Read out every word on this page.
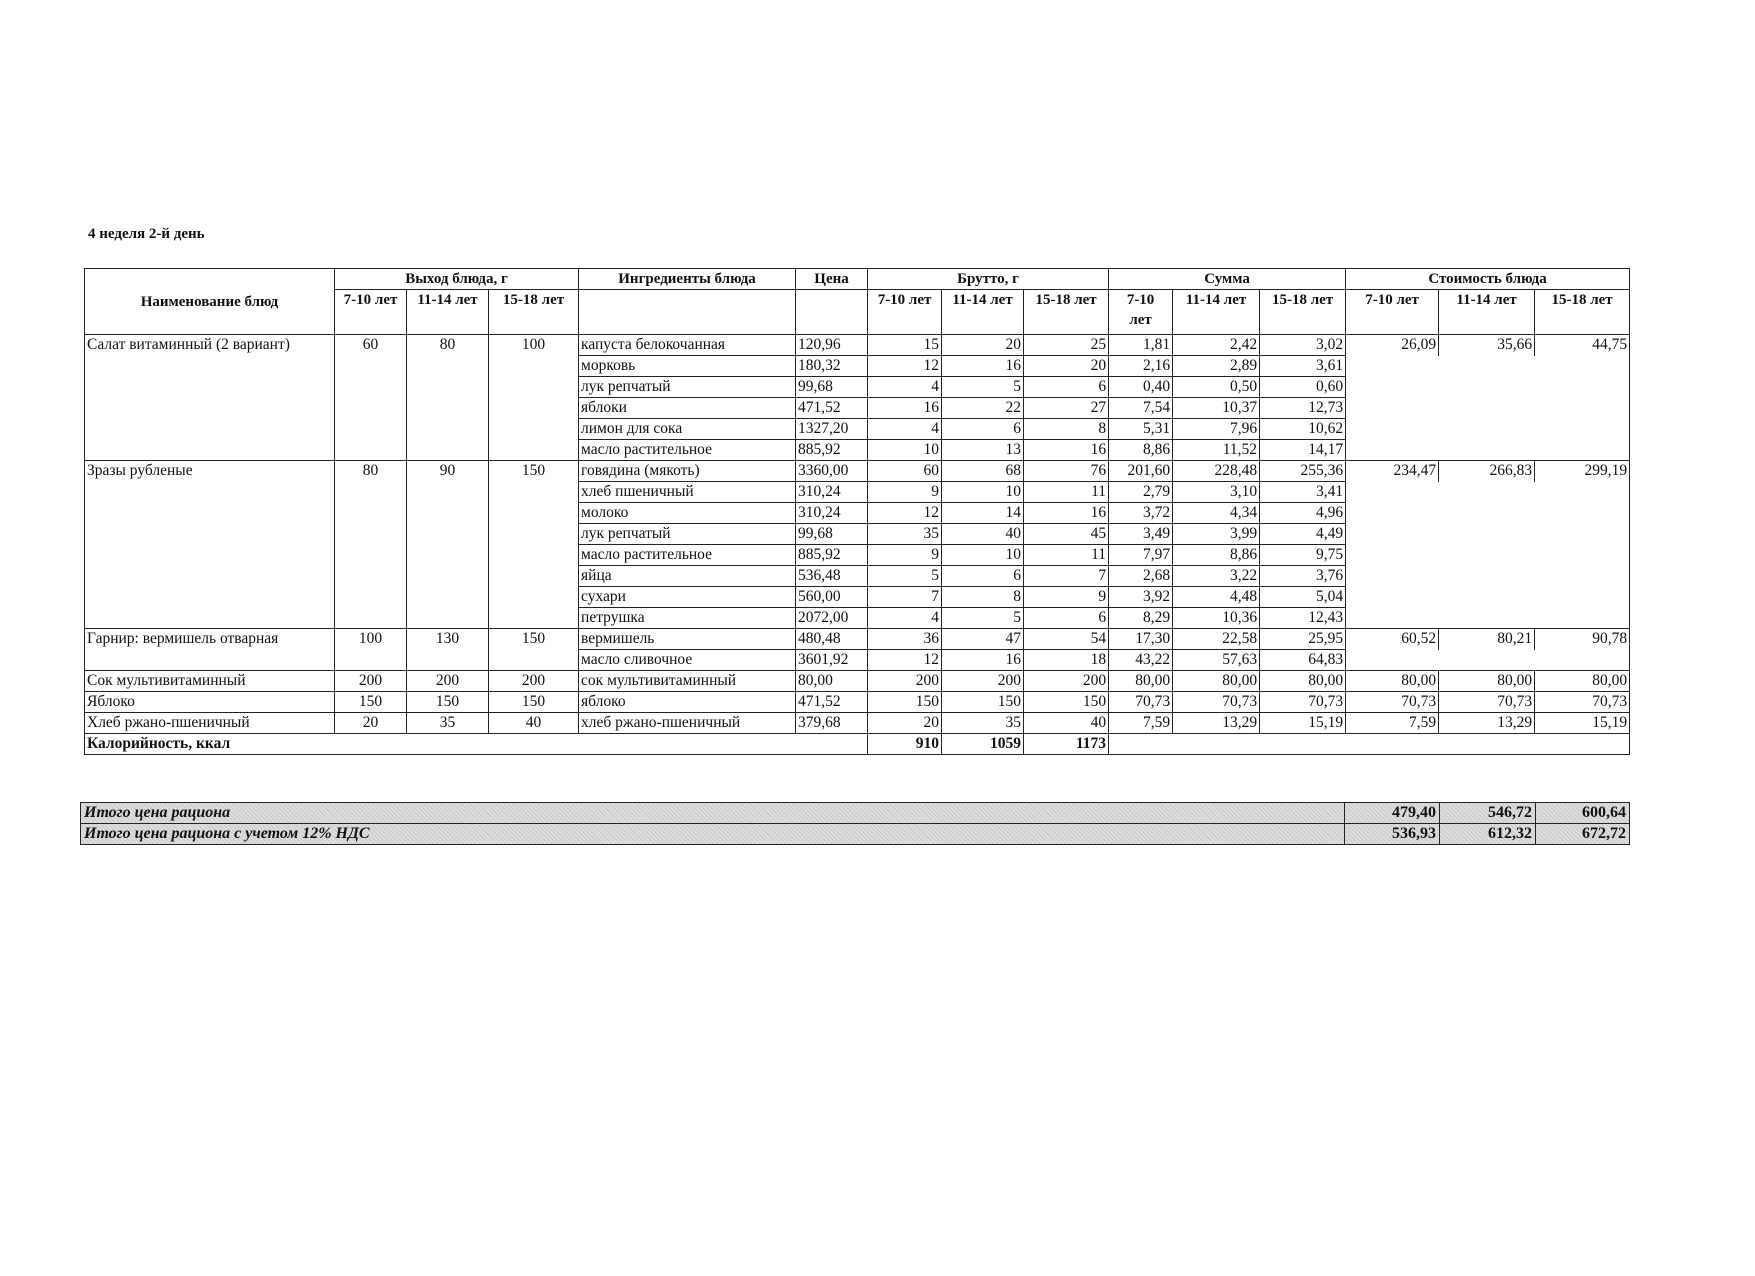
4 неделя 2-й день
Наименование блюд	Выход блюда, г			Ингредиенты блюда	Цена	Брутто, г			Сумма			Стоимость блюда		
	7-10 лет	11-14 лет	15-18 лет			7-10 лет	11-14 лет	15-18 лет	7-10
лет	11-14 лет	15-18 лет	7-10 лет	11-14 лет	15-18 лет
Салат витаминный (2 вариант)	60	80	100	капуста белокочанная	120,96	15	20	25	1,81	2,42	3,02	26,09	35,66	44,75
				морковь	180,32	12	16	20	2,16	2,89	3,61			
				лук репчатый	99,68	4	5	6	0,40	0,50	0,60			
				яблоки	471,52	16	22	27	7,54	10,37	12,73			
				лимон для сока	1327,20	4	6	8	5,31	7,96	10,62			
				масло растительное	885,92	10	13	16	8,86	11,52	14,17			
Зразы рубленые	80	90	150	говядина (мякоть)	3360,00	60	68	76	201,60	228,48	255,36	234,47	266,83	299,19
				хлеб пшеничный	310,24	9	10	11	2,79	3,10	3,41			
				молоко	310,24	12	14	16	3,72	4,34	4,96			
				лук репчатый	99,68	35	40	45	3,49	3,99	4,49			
				масло растительное	885,92	9	10	11	7,97	8,86	9,75			
				яйца	536,48	5	6	7	2,68	3,22	3,76			
				сухари	560,00	7	8	9	3,92	4,48	5,04			
				петрушка	2072,00	4	5	6	8,29	10,36	12,43			
Гарнир: вермишель отварная	100	130	150	вермишель	480,48	36	47	54	17,30	22,58	25,95	60,52	80,21	90,78
				масло сливочное	3601,92	12	16	18	43,22	57,63	64,83			
Сок мультивитаминный	200	200	200	сок мультивитаминный	80,00	200	200	200	80,00	80,00	80,00	80,00	80,00	80,00
Яблоко	150	150	150	яблоко	471,52	150	150	150	70,73	70,73	70,73	70,73	70,73	70,73
Хлеб ржано-пшеничный	20	35	40	хлеб ржано-пшеничный	379,68	20	35	40	7,59	13,29	15,19	7,59	13,29	15,19
Калорийность, ккал						910	1059	1173						
Итого цена рациона	479,40	546,72	600,64
Итого цена рациона с учетом 12% НДС	536,93	612,32	672,72
